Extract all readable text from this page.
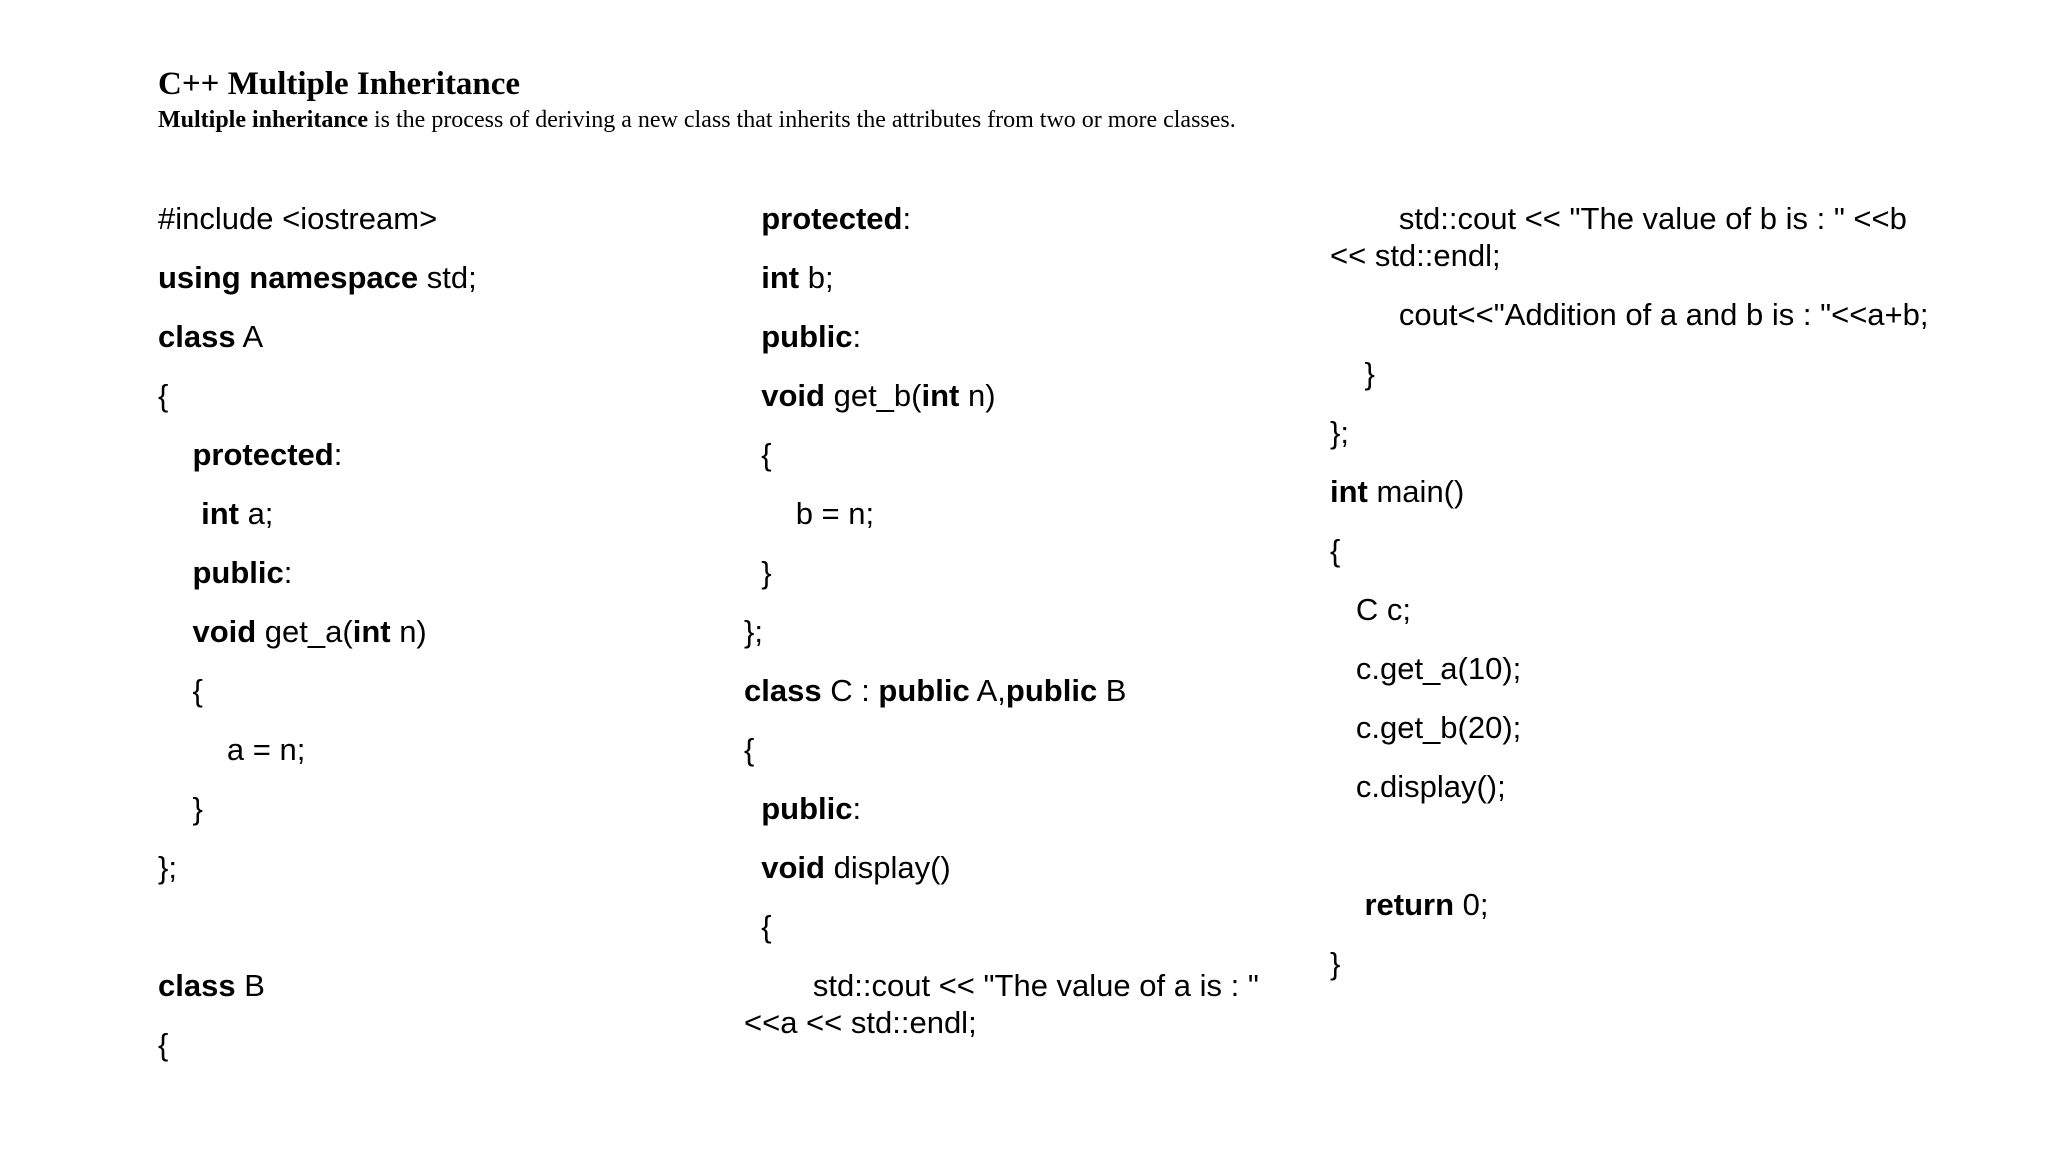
C++ Multiple Inheritance
Multiple inheritance is the process of deriving a new class that inherits the attributes from two or more classes.
#include <iostream>
using namespace std;
class A
{
protected:
int a;
public:
void get_a(int n)
{
a = n;
}
};
class B
{
protected:
int b;
public:
void get_b(int n)
{
b = n;
}
};
class C : public A,public B
{
public:
void display()
{
std::cout << "The value of a is : " <<a << std::endl;
std::cout << "The value of b is : " <<b << std::endl;
cout<<"Addition of a and b is : "<<a+b;
}
};
int main()
{
C c;
c.get_a(10);
c.get_b(20);
c.display();
return 0;
}
